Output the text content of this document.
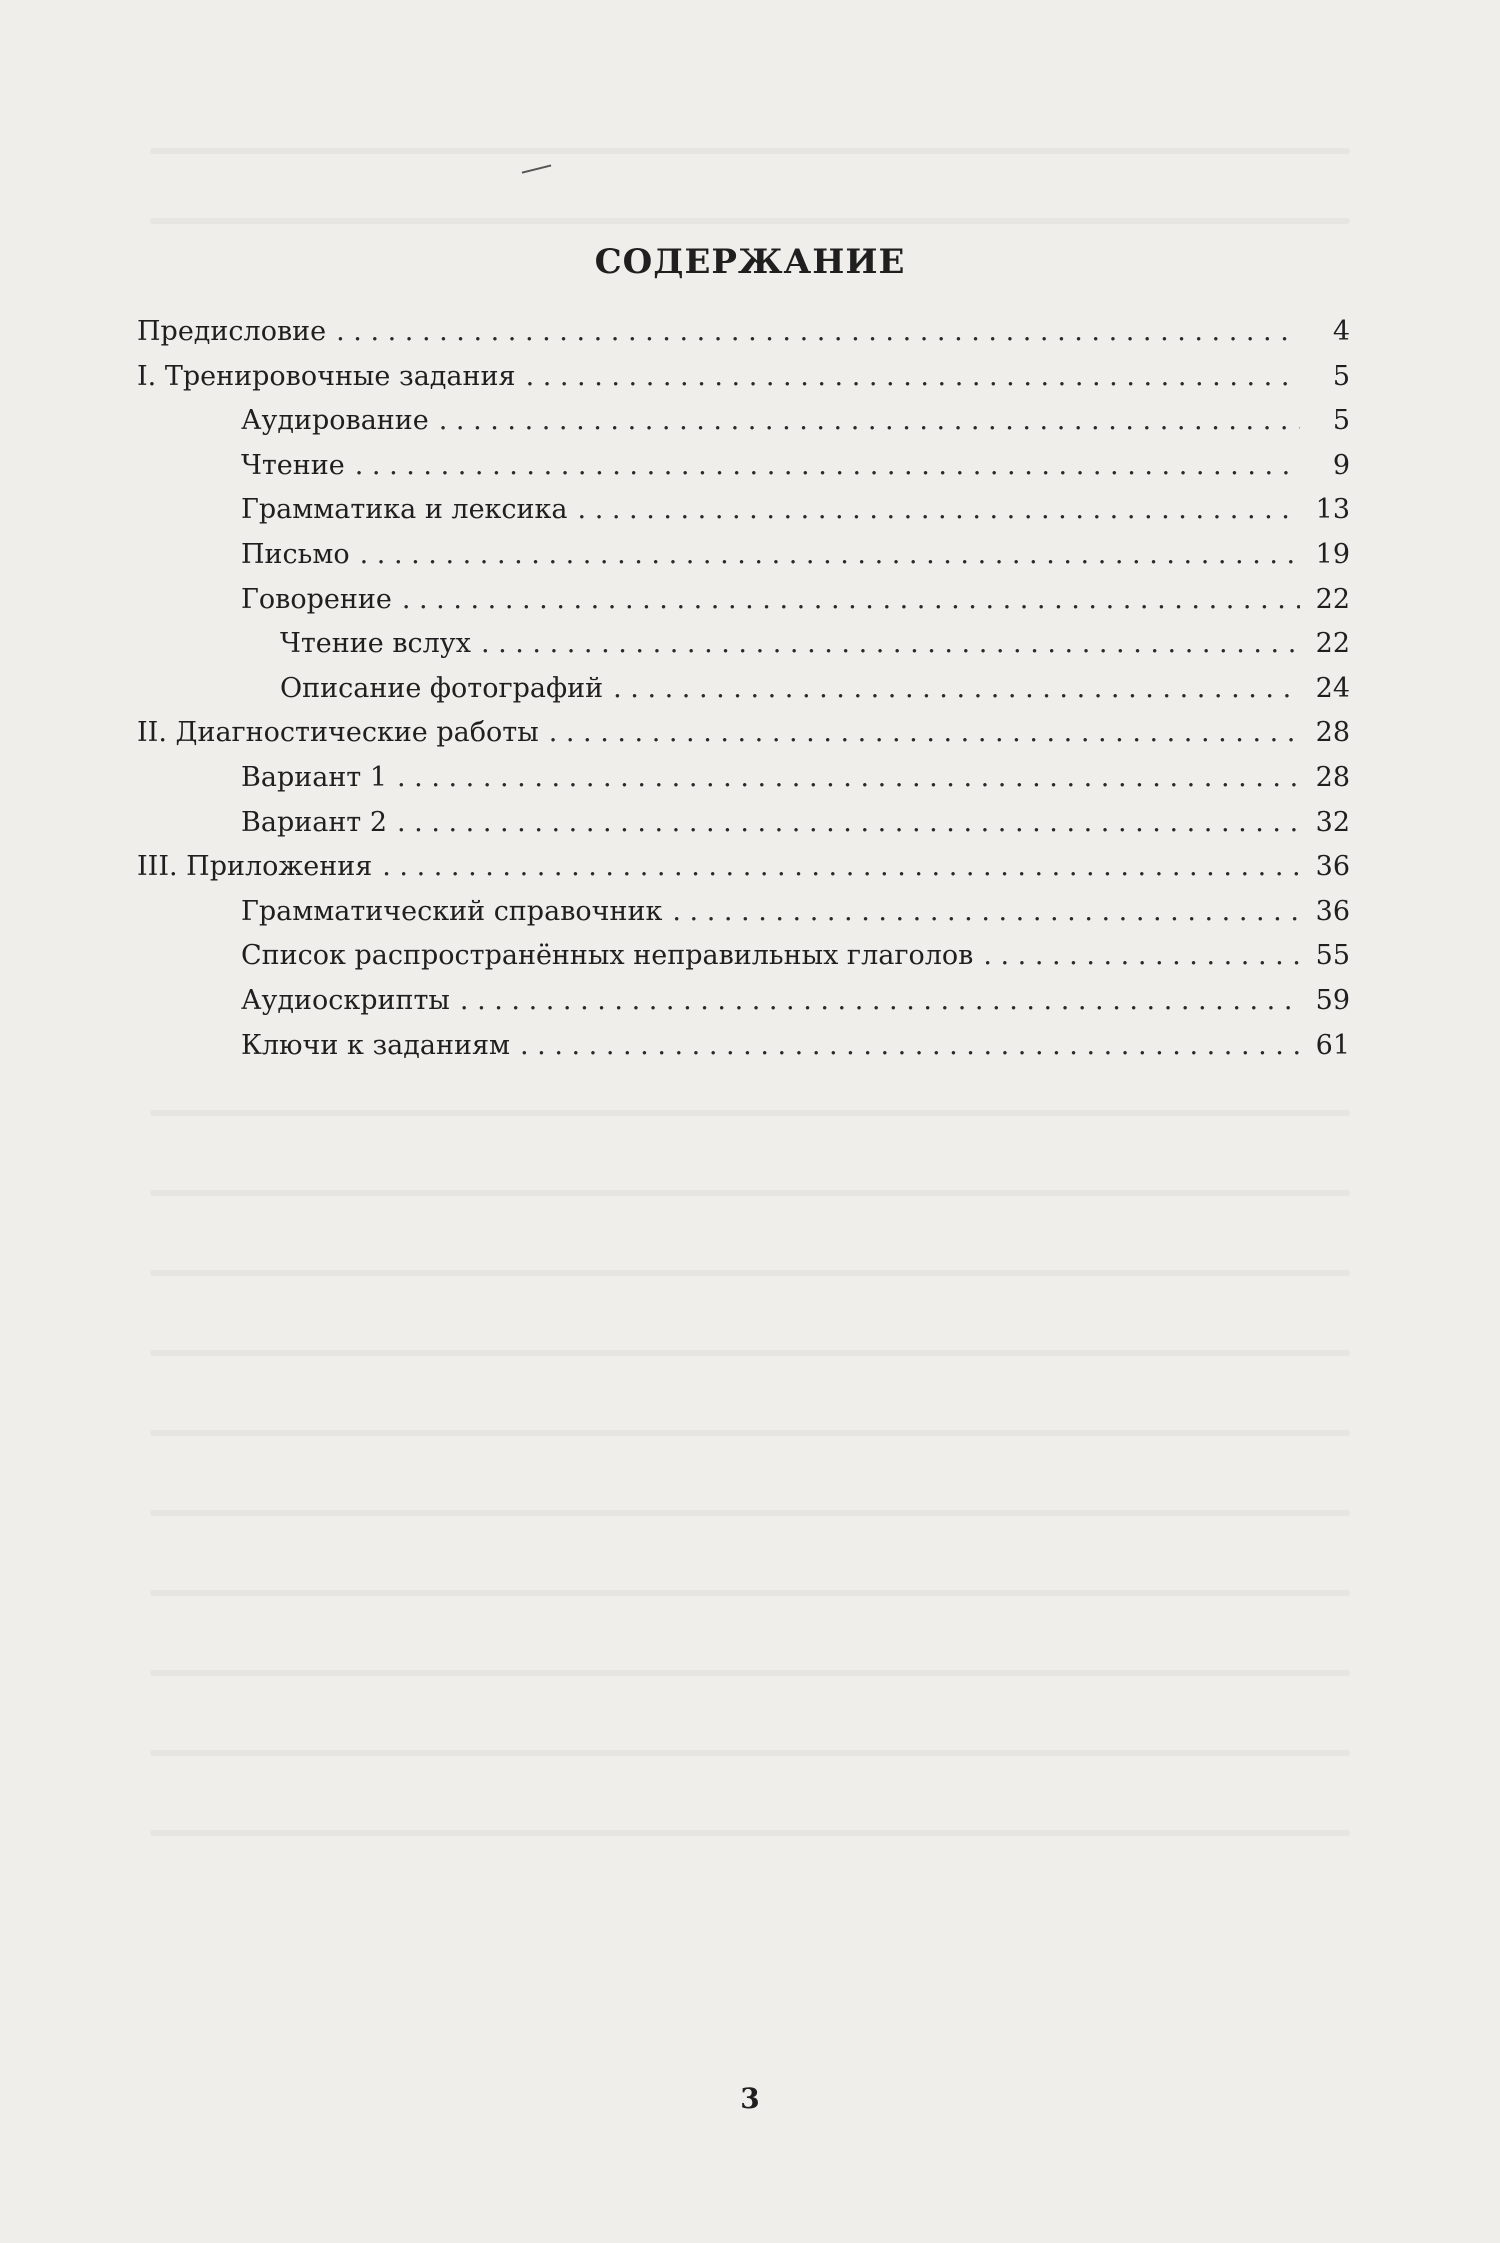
СОДЕРЖАНИЕ
Предисловие . . .	4
I. Тренировочные задания . . .	5
Аудирование . . .	5
Чтение . . .	9
Грамматика и лексика . . .	13
Письмо . . .	19
Говорение . . .	22
Чтение вслух . . .	22
Описание фотографий . . .	24
II. Диагностические работы . . .	28
Вариант 1 . . .	28
Вариант 2 . . .	32
III. Приложения . . .	36
Грамматический справочник . . .	36
Список распространённых неправильных глаголов . . .	55
Аудиоскрипты . . .	59
Ключи к заданиям . . .	61
3
